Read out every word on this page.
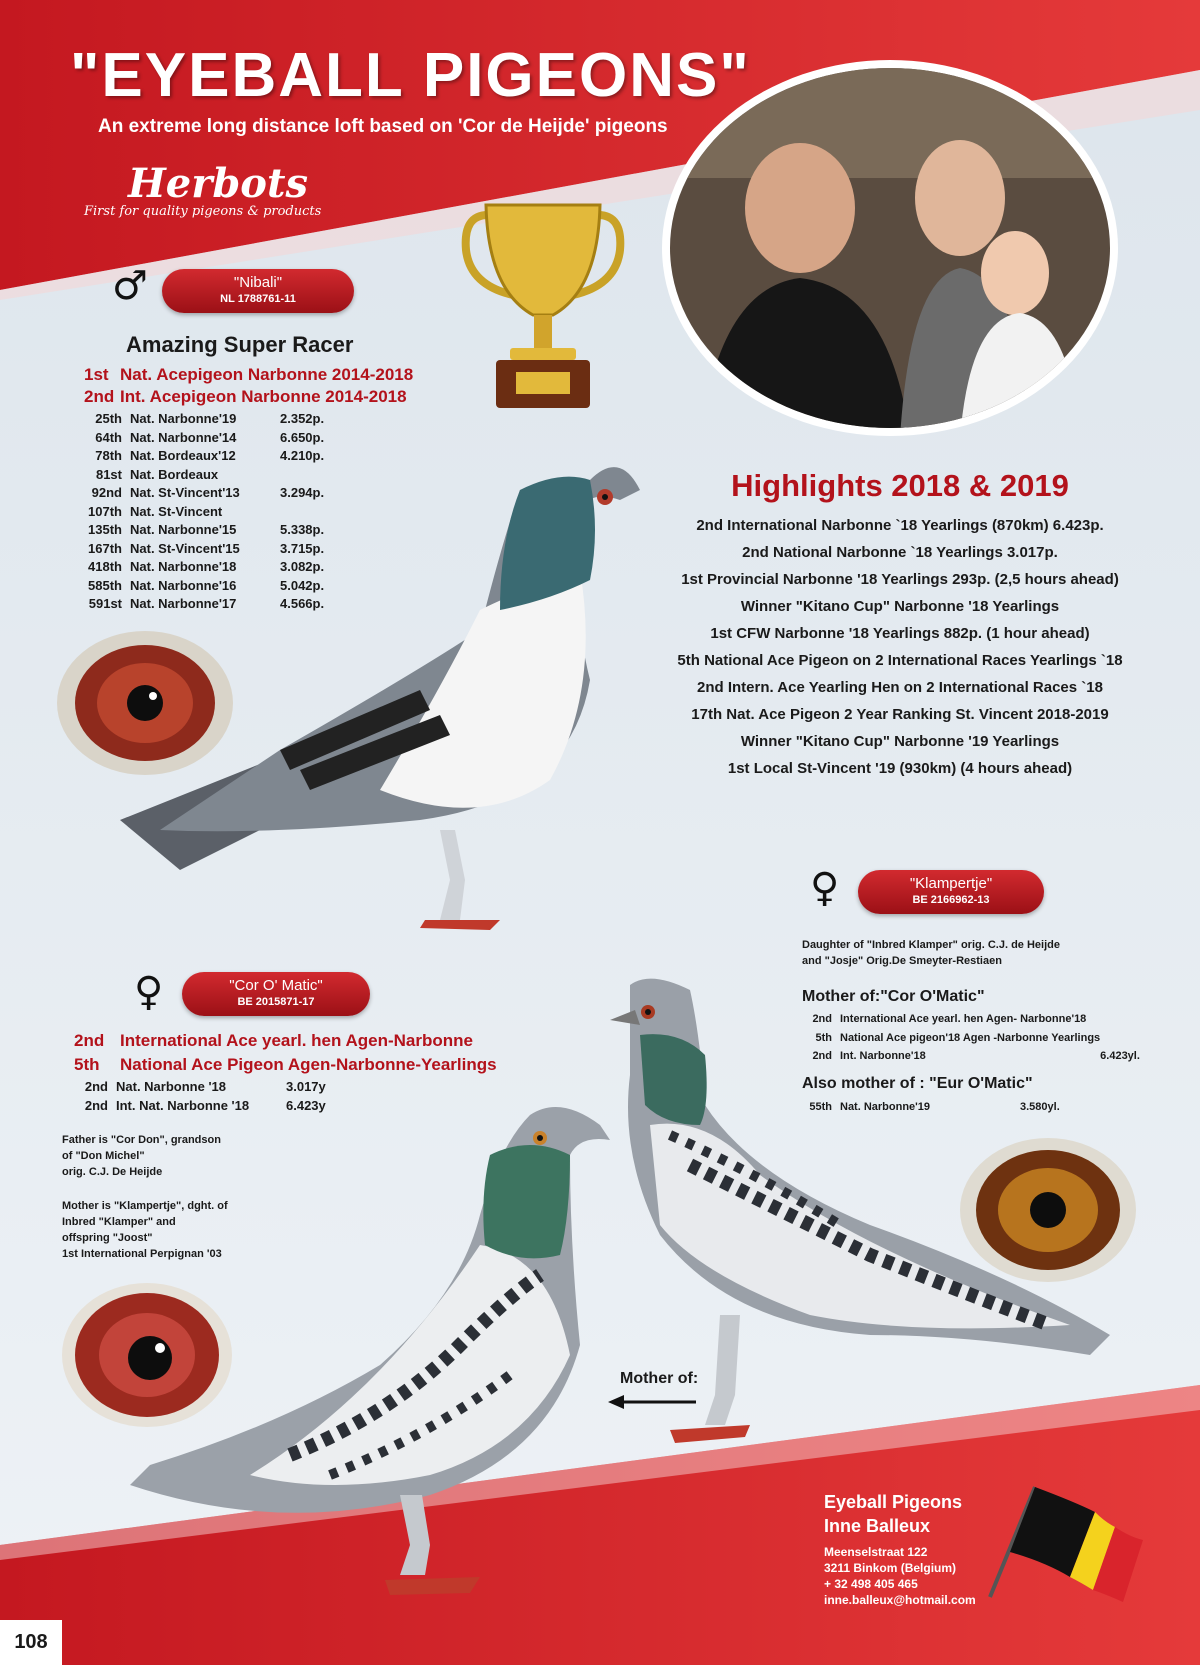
"EYEBALL PIGEONS"
An extreme long distance loft based on 'Cor de Heijde' pigeons
Herbots
First for quality pigeons & products
♂	"Nibali"
NL 1788761-11
Amazing Super Racer
1st	Nat. Acepigeon Narbonne 2014-2018
2nd	Int. Acepigeon Narbonne 2014-2018
25th	Nat. Narbonne'19	2.352p.
64th	Nat. Narbonne'14	6.650p.
78th	Nat. Bordeaux'12	4.210p.
81st	Nat. Bordeaux	
92nd	Nat. St-Vincent'13	3.294p.
107th	Nat. St-Vincent	
135th	Nat. Narbonne'15	5.338p.
167th	Nat. St-Vincent'15	3.715p.
418th	Nat. Narbonne'18	3.082p.
585th	Nat. Narbonne'16	5.042p.
591st	Nat. Narbonne'17	4.566p.
Highlights 2018 & 2019
2nd International Narbonne `18 Yearlings (870km) 6.423p.
2nd National Narbonne `18 Yearlings 3.017p.
1st Provincial Narbonne '18 Yearlings 293p. (2,5 hours ahead)
Winner "Kitano Cup" Narbonne '18 Yearlings
1st CFW Narbonne '18 Yearlings 882p. (1 hour ahead)
5th National Ace Pigeon on 2 International Races Yearlings `18
2nd Intern. Ace Yearling Hen on 2 International Races `18
17th Nat. Ace Pigeon 2 Year Ranking St. Vincent 2018-2019
Winner "Kitano Cup" Narbonne '19 Yearlings
1st Local St-Vincent '19 (930km) (4 hours ahead)
♀	"Klampertje"
BE 2166962-13
Daughter of "Inbred Klamper" orig. C.J. de Heijde
and "Josje" Orig.De Smeyter-Restiaen
Mother of:"Cor O'Matic"
2nd	International Ace yearl. hen Agen- Narbonne'18	
5th	National Ace pigeon'18 Agen -Narbonne Yearlings	
2nd	Int. Narbonne'18	6.423yl.
Also mother of : "Eur O'Matic"
55th	Nat. Narbonne'19	3.580yl.
Mother of:
♀	"Cor O' Matic"
BE 2015871-17
2nd	International Ace yearl. hen Agen-Narbonne
5th	National Ace Pigeon Agen-Narbonne-Yearlings
2nd	Nat. Narbonne '18	3.017y
2nd	Int. Nat. Narbonne '18	6.423y
Father is "Cor Don", grandson
of "Don Michel"
orig. C.J. De Heijde
Mother is "Klampertje", dght. of
Inbred "Klamper" and
offspring "Joost"
1st International Perpignan '03
Eyeball Pigeons
Inne Balleux
Meenselstraat 122
3211 Binkom (Belgium)
+ 32 498 405 465
inne.balleux@hotmail.com
108
